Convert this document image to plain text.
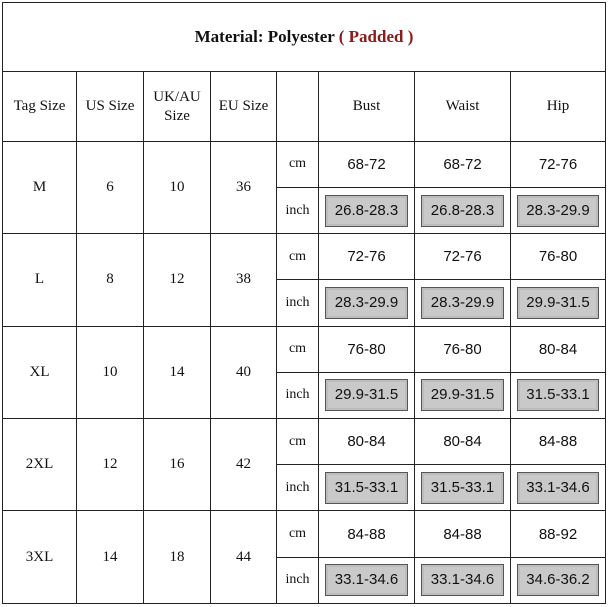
Material: Polyester ( Padded )							
Tag Size	US Size	UK/AU Size	EU Size		Bust	Waist	Hip
M	6	10	36	cm	68-72	68-72	72-76
				inch	26.8-28.3	26.8-28.3	28.3-29.9

L	8	12	38	cm	72-76	72-76	76-80
				inch	28.3-29.9	28.3-29.9	29.9-31.5

XL	10	14	40	cm	76-80	76-80	80-84
				inch	29.9-31.5	29.9-31.5	31.5-33.1

2XL	12	16	42	cm	80-84	80-84	84-88
				inch	31.5-33.1	31.5-33.1	33.1-34.6

3XL	14	18	44	cm	84-88	84-88	88-92
				inch	33.1-34.6	33.1-34.6	34.6-36.2
